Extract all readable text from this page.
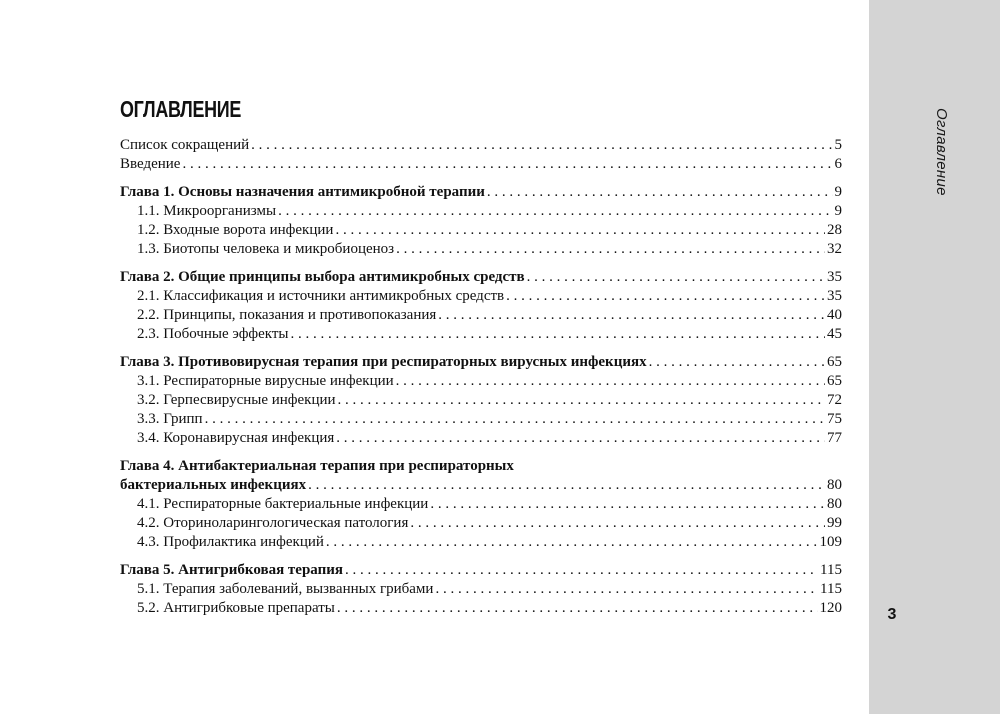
Оглавление
3
ОГЛАВЛЕНИЕ
Список сокращений . . .	5
Введение . . .	6
Глава 1. Основы назначения антимикробной терапии . . .	9
1.1. Микроорганизмы . . .	9
1.2. Входные ворота инфекции . . .	28
1.3. Биотопы человека и микробиоценоз . . .	32
Глава 2. Общие принципы выбора антимикробных средств . . .	35
2.1. Классификация и источники антимикробных средств . . .	35
2.2. Принципы, показания и противопоказания . . .	40
2.3. Побочные эффекты . . .	45
Глава 3. Противовирусная терапия при респираторных вирусных инфекциях . . .	65
3.1. Респираторные вирусные инфекции . . .	65
3.2. Герпесвирусные инфекции . . .	72
3.3. Грипп . . .	75
3.4. Коронавирусная инфекция . . .	77
Глава 4. Антибактериальная терапия при респираторных
бактериальных инфекциях . . .	80
4.1. Респираторные бактериальные инфекции . . .	80
4.2. Оториноларингологическая патология . . .	99
4.3. Профилактика инфекций . . .	109
Глава 5. Антигрибковая терапия . . .	115
5.1. Терапия заболеваний, вызванных грибами . . .	115
5.2. Антигрибковые препараты . . .	120
